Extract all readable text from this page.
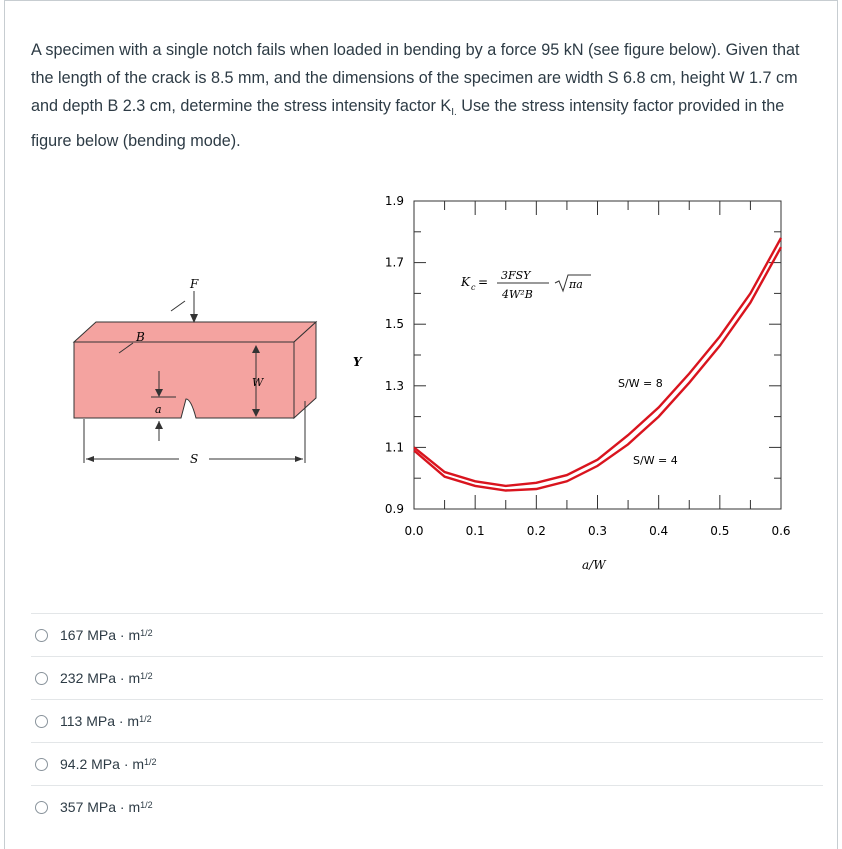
A specimen with a single notch fails when loaded in bending by a force 95 kN (see figure below). Given that the length of the crack is 8.5 mm, and the dimensions of the specimen are width S 6.8 cm, height W 1.7 cm and depth B 2.3 cm, determine the stress intensity factor $K_{I.}$ Use the stress intensity factor provided in the figure below (bending mode).
F
B
a
W
S
1.9
1.7
1.5
1.3
1.1
0.9
0.0	0.1	0.2	0.3	0.4	0.5	0.6
Y
a/W
K c = 3FSY
4W²B
πa
S/W = 8
S/W = 4
167 MPa · $m^{1/2}$
232 MPa · $m^{1/2}$
113 MPa · $m^{1/2}$
94.2 MPa · $m^{1/2}$
357 MPa · $m^{1/2}$
